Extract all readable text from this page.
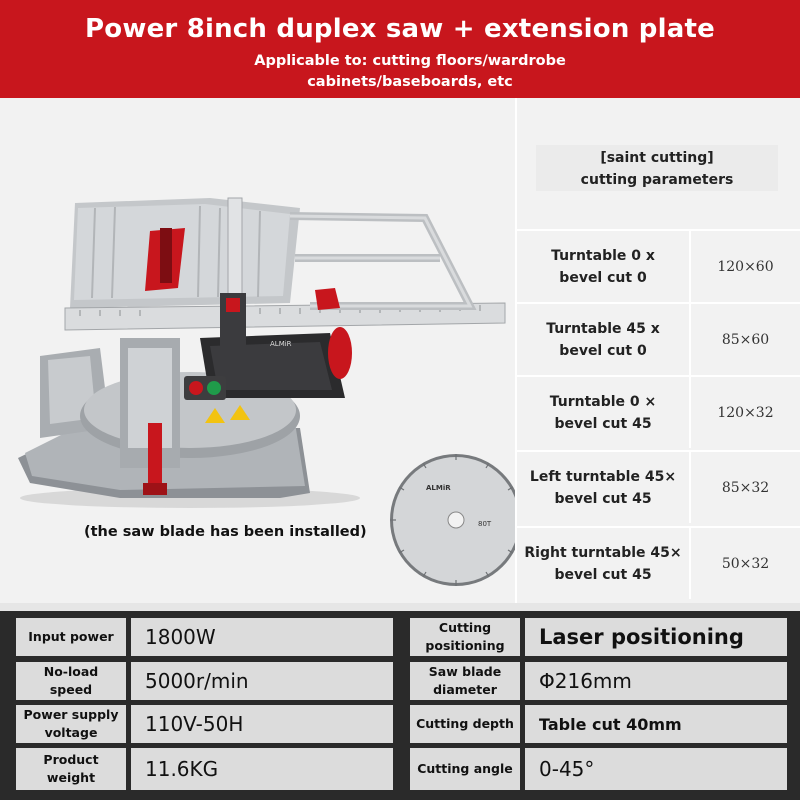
Power 8inch duplex saw + extension plate
Applicable to: cutting floors/wardrobe
cabinets/baseboards, etc
ALMiR
ALMiR
80T
(the saw blade has been installed)
[saint cutting]
cutting parameters
Turntable 0 x
bevel cut 0
120×60
Turntable 45 x
bevel cut 0
85×60
Turntable 0 ×
bevel cut 45
120×32
Left turntable 45×
bevel cut 45
85×32
Right turntable 45×
bevel cut 45
50×32
Input power	1800W
No-load
speed	5000r/min
Power supply
voltage	110V-50H
Product
weight	11.6KG
Cutting
positioning	Laser positioning
Saw blade
diameter	Φ216mm
Cutting depth	Table cut 40mm
Cutting angle	0-45°
